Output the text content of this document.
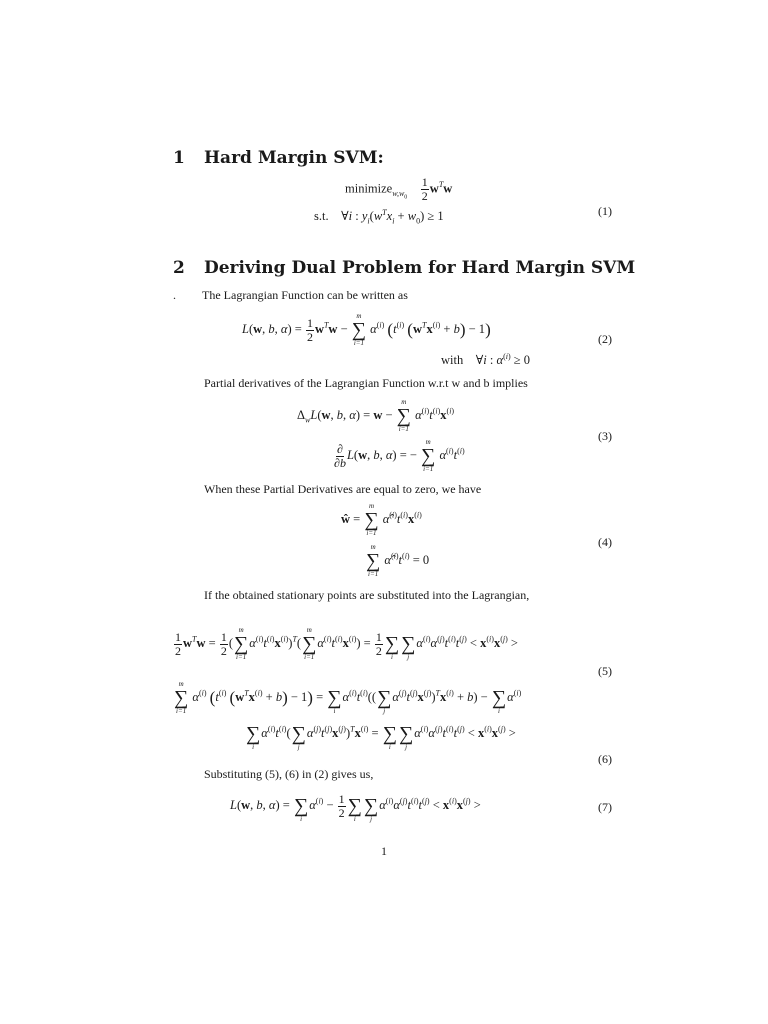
1 Hard Margin SVM:
minimize$_{w,w_0}$ $\frac{1}{2} w^Tw$
s.t.    ∀i : $y_i(w^Tx_i + w_0) \ge 1$	(1)
2 Deriving Dual Problem for Hard Margin SVM
. The Lagrangian Function can be written as
L(w, b, $\alpha) = \frac{1}{2} w^Tw$ −
m
∑
i=1
$\alpha^{(i)}$ ($t^{(i)}$ $(w^Tx^{(i)} + b) - 1$)
with    ∀i : $\alpha^{(i)} \ge 0$
(2)
Partial derivatives of the Lagrangian Function w.r.t w and b implies
$\Delta_wL(w$, b, α) = w −
m
∑
i=1
$\alpha^{(i)}t^{(i)}x^{(i)}$
$\frac{\partial}{\partial b} L(w$, b, α) = −
m
∑
i=1
$\alpha^{(i)}t^{(i)}$
(3)
When these Partial Derivatives are equal to zero, we have
ŵ =
m
∑
i=1
$\alphâ^{(i)}t^{(i)}x^{(i)}$
m
∑
i=1
$\alphâ^{(i)}t^{(i)} = 0$
(4)
If the obtained stationary points are substituted into the Lagrangian,
$\frac{1}{2} w^Tw = \frac{1}{2}$ (
m
∑
i=1
$\alpha^{(i)}t^{(i)}x^{(i)})^T$(
m
∑
i=1
$\alpha^{(i)}t^{(i)}x^{(i)}) = \frac{1}{2}$
∑
i

∑
j
$\alpha^{(i)}\alpha^{(j)}t^{(i)}t^{(j)} < x^{(i)}x^{(j)}$ >
(5)
m
∑
i=1
$\alpha^{(i)}$ ($t^{(i)}$ $(w^Tx^{(i)} + b) - 1$) =
∑
i
$\alpha^{(i)}t^{(i)}$((
∑
j
$\alpha^{(j)}t^{(j)}x^{(j)})^Tx^{(i)} + b$) −
∑
i
$\alpha^{(i)}$

∑
i
$\alpha^{(i)}t^{(i)}$(
∑
j
$\alpha^{(j)}t^{(j)}x^{(j)})^Tx^{(i)}$ =
∑
i

∑
j
$\alpha^{(i)}\alpha^{(j)}t^{(i)}t^{(j)} < x^{(i)}x^{(j)}$ >
(6)
Substituting (5), (6) in (2) gives us,
L(w, b, α) =
∑
i
$\alpha^{(i)} - \frac{1}{2}$
∑
i

∑
j
$\alpha^{(i)}\alpha^{(j)}t^{(i)}t^{(j)} < x^{(i)}x^{(j)}$ >	(7)
1
